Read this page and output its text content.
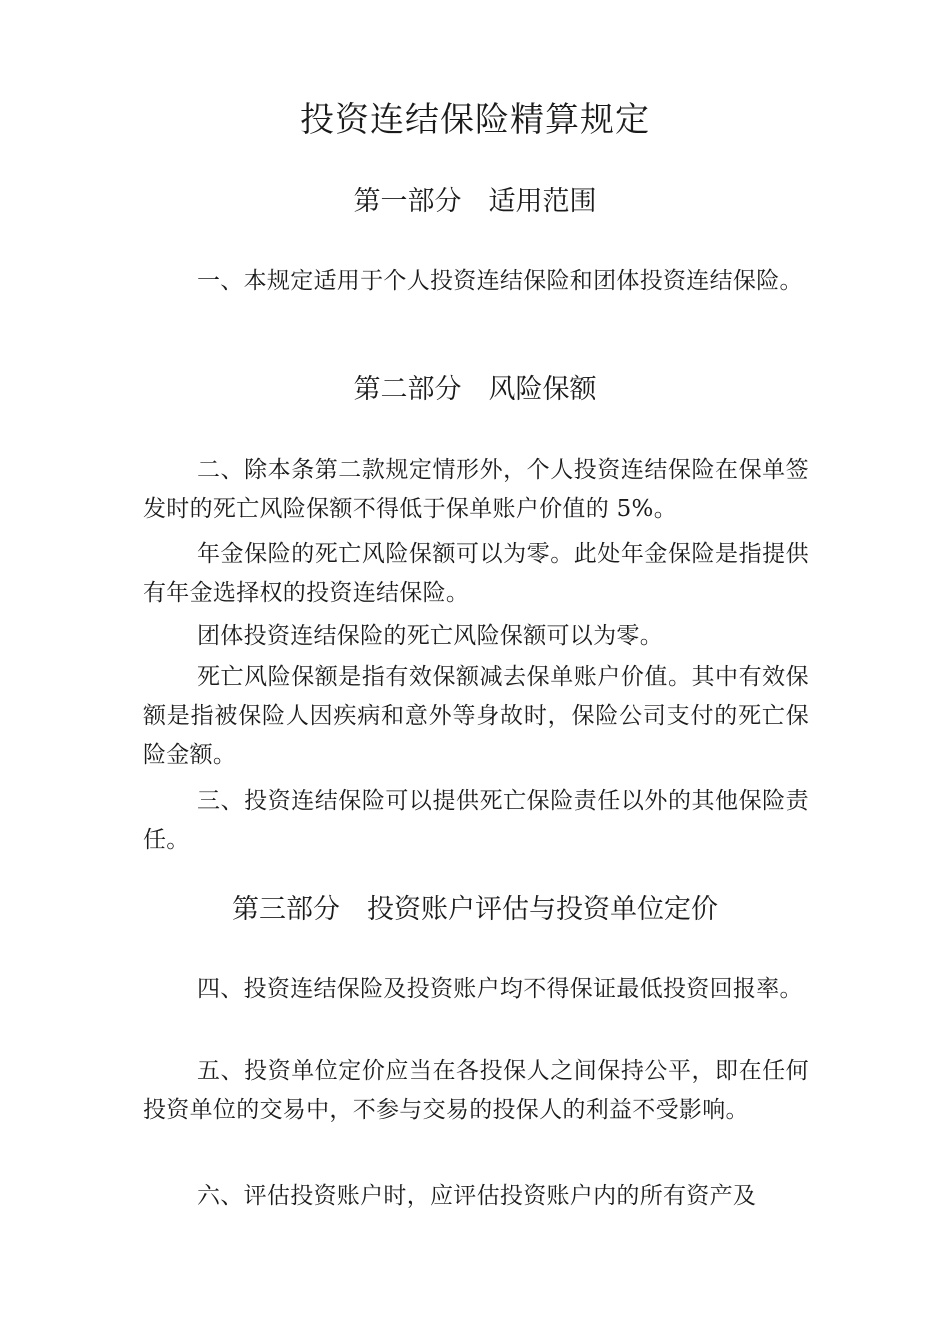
投资连结保险精算规定
第一部分　适用范围
一、本规定适用于个人投资连结保险和团体投资连结保险。
第二部分　风险保额
二、除本条第二款规定情形外，个人投资连结保险在保单签发时的死亡风险保额不得低于保单账户价值的 5%。
年金保险的死亡风险保额可以为零。此处年金保险是指提供有年金选择权的投资连结保险。
团体投资连结保险的死亡风险保额可以为零。
死亡风险保额是指有效保额减去保单账户价值。其中有效保额是指被保险人因疾病和意外等身故时，保险公司支付的死亡保险金额。
三、投资连结保险可以提供死亡保险责任以外的其他保险责任。
第三部分　投资账户评估与投资单位定价
四、投资连结保险及投资账户均不得保证最低投资回报率。
五、投资单位定价应当在各投保人之间保持公平，即在任何投资单位的交易中，不参与交易的投保人的利益不受影响。
六、评估投资账户时，应评估投资账户内的所有资产及
